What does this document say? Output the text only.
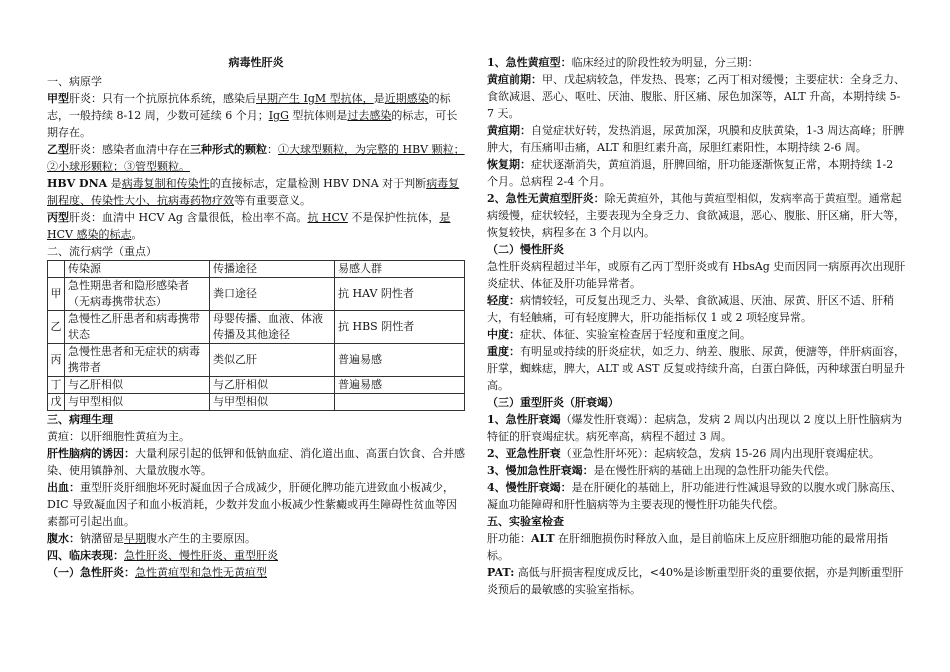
病毒性肝炎

一、病原学

甲型肝炎：只有一个抗原抗体系统，感染后早期产生 IgM 型抗体，是近期感染的标志，一般持续 8-12 周，少数可延续 6 个月；IgG 型抗体则是过去感染的标志，可长期存在。

乙型肝炎：感染者血清中存在三种形式的颗粒：①大球型颗粒，为完整的 HBV 颗粒；②小球形颗粒；③管型颗粒。

HBV DNA 是病毒复制和传染性的直接标志，定量检测 HBV DNA 对于判断病毒复制程度、传染性大小、抗病毒药物疗效等有重要意义。

丙型肝炎：血清中 HCV Ag 含量很低，检出率不高。抗 HCV 不是保护性抗体，是 HCV 感染的标志。

二、流行病学（重点）

	传染源	传播途径	易感人群
甲	急性期患者和隐形感染者（无病毒携带状态）	粪口途径	抗 HAV 阴性者
乙	急慢性乙肝患者和病毒携带状态	母婴传播、血液、体液传播及其他途径	抗 HBS 阴性者
丙	急慢性患者和无症状的病毒携带者	类似乙肝	普遍易感
丁	与乙肝相似	与乙肝相似	普遍易感
戊	与甲型相似	与甲型相似	

三、病理生理

黄疸：以肝细胞性黄疸为主。

肝性脑病的诱因：大量利尿引起的低钾和低钠血症、消化道出血、高蛋白饮食、合并感染、使用镇静剂、大量放腹水等。

出血：重型肝炎肝细胞坏死时凝血因子合成减少，肝硬化脾功能亢进致血小板减少，DIC 导致凝血因子和血小板消耗，少数并发血小板减少性紫癜或再生障碍性贫血等因素都可引起出血。

腹水：钠潴留是早期腹水产生的主要原因。

四、临床表现：急性肝炎、慢性肝炎、重型肝炎

（一）急性肝炎：急性黄疸型和急性无黄疸型

1、急性黄疸型：临床经过的阶段性较为明显，分三期：

黄疸前期：甲、戊起病较急，伴发热、畏寒；乙丙丁相对缓慢；主要症状：全身乏力、食欲减退、恶心、呕吐、厌油、腹胀、肝区痛、尿色加深等，ALT 升高，本期持续 5-7 天。

黄疸期：自觉症状好转，发热消退，尿黄加深，巩膜和皮肤黄染，1-3 周达高峰；肝脾肿大，有压痛叩击痛，ALT 和胆红素升高，尿胆红素阳性，本期持续 2-6 周。

恢复期：症状逐渐消失，黄疸消退，肝脾回缩，肝功能逐渐恢复正常，本期持续 1-2 个月。总病程 2-4 个月。

2、急性无黄疸型肝炎：除无黄疸外，其他与黄疸型相似，发病率高于黄疸型。通常起病缓慢，症状较轻，主要表现为全身乏力、食欲减退，恶心、腹胀、肝区痛，肝大等，恢复较快，病程多在 3 个月以内。

（二）慢性肝炎

急性肝炎病程超过半年，或原有乙丙丁型肝炎或有 HbsAg 史而因同一病原再次出现肝炎症状、体征及肝功能异常者。

轻度：病情较轻，可反复出现乏力、头晕、食欲减退、厌油、尿黄、肝区不适、肝稍大，有轻触痛，可有轻度脾大，肝功能指标仅 1 或 2 项轻度异常。

中度：症状、体征、实验室检查居于轻度和重度之间。

重度：有明显或持续的肝炎症状，如乏力、纳差、腹胀、尿黄，便溏等，伴肝病面容，肝掌，蜘蛛痣，脾大，ALT 或 AST 反复或持续升高，白蛋白降低，丙种球蛋白明显升高。

（三）重型肝炎（肝衰竭）

1、急性肝衰竭（爆发性肝衰竭）：起病急，发病 2 周以内出现以 2 度以上肝性脑病为特征的肝衰竭症状。病死率高，病程不超过 3 周。

2、亚急性肝衰（亚急性肝坏死）：起病较急，发病 15-26 周内出现肝衰竭症状。

3、慢加急性肝衰竭：是在慢性肝病的基础上出现的急性肝功能失代偿。

4、慢性肝衰竭：是在肝硬化的基础上，肝功能进行性减退导致的以腹水或门脉高压、凝血功能障碍和肝性脑病等为主要表现的慢性肝功能失代偿。

五、实验室检查

肝功能：ALT 在肝细胞损伤时释放入血，是目前临床上反应肝细胞功能的最常用指标。

PAT: 高低与肝损害程度成反比，<40%是诊断重型肝炎的重要依据，亦是判断重型肝炎预后的最敏感的实验室指标。
